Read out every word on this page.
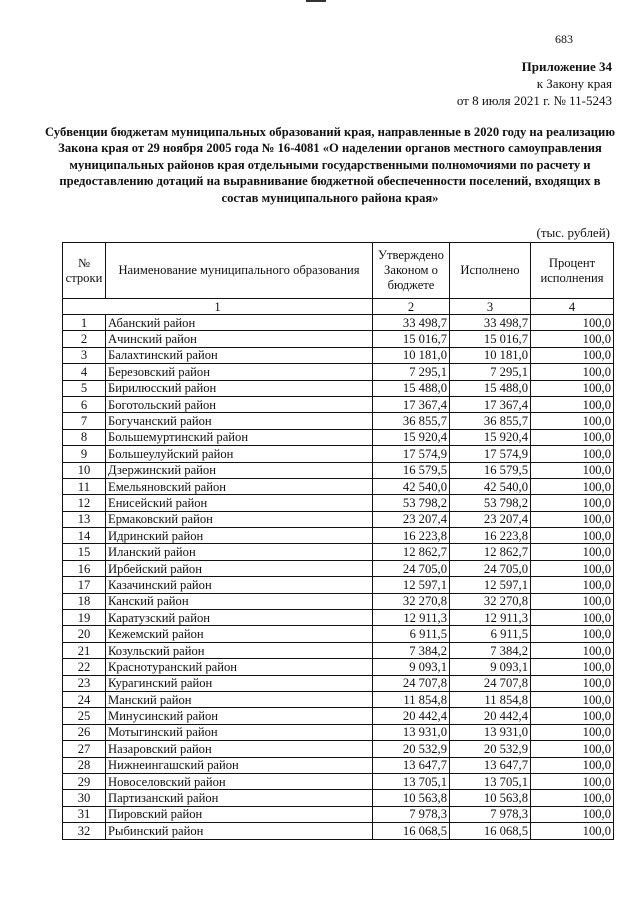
683
Приложение 34
к Закону края
от 8 июля 2021 г. № 11-5243
Субвенции бюджетам муниципальных образований края, направленные в 2020 году на реализацию Закона края от 29 ноября 2005 года № 16-4081 «О наделении органов местного самоуправления муниципальных районов края отдельными государственными полномочиями по расчету и предоставлению дотаций на выравнивание бюджетной обеспеченности поселений, входящих в состав муниципального района края»
(тыс. рублей)
№ строки	Наименование муниципального образования	Утверждено Законом о бюджете	Исполнено	Процент исполнения
1		2	3	4
1	Абанский район	33 498,7	33 498,7	100,0
2	Ачинский район	15 016,7	15 016,7	100,0
3	Балахтинский район	10 181,0	10 181,0	100,0
4	Березовский район	7 295,1	7 295,1	100,0
5	Бирилюсский район	15 488,0	15 488,0	100,0
6	Боготольский район	17 367,4	17 367,4	100,0
7	Богучанский район	36 855,7	36 855,7	100,0
8	Большемуртинский район	15 920,4	15 920,4	100,0
9	Большеулуйский район	17 574,9	17 574,9	100,0
10	Дзержинский район	16 579,5	16 579,5	100,0
11	Емельяновский район	42 540,0	42 540,0	100,0
12	Енисейский район	53 798,2	53 798,2	100,0
13	Ермаковский район	23 207,4	23 207,4	100,0
14	Идринский район	16 223,8	16 223,8	100,0
15	Иланский район	12 862,7	12 862,7	100,0
16	Ирбейский район	24 705,0	24 705,0	100,0
17	Казачинский район	12 597,1	12 597,1	100,0
18	Канский район	32 270,8	32 270,8	100,0
19	Каратузский район	12 911,3	12 911,3	100,0
20	Кежемский район	6 911,5	6 911,5	100,0
21	Козульский район	7 384,2	7 384,2	100,0
22	Краснотуранский район	9 093,1	9 093,1	100,0
23	Курагинский район	24 707,8	24 707,8	100,0
24	Манский район	11 854,8	11 854,8	100,0
25	Минусинский район	20 442,4	20 442,4	100,0
26	Мотыгинский район	13 931,0	13 931,0	100,0
27	Назаровский район	20 532,9	20 532,9	100,0
28	Нижнеингашский район	13 647,7	13 647,7	100,0
29	Новоселовский район	13 705,1	13 705,1	100,0
30	Партизанский район	10 563,8	10 563,8	100,0
31	Пировский район	7 978,3	7 978,3	100,0
32	Рыбинский район	16 068,5	16 068,5	100,0
